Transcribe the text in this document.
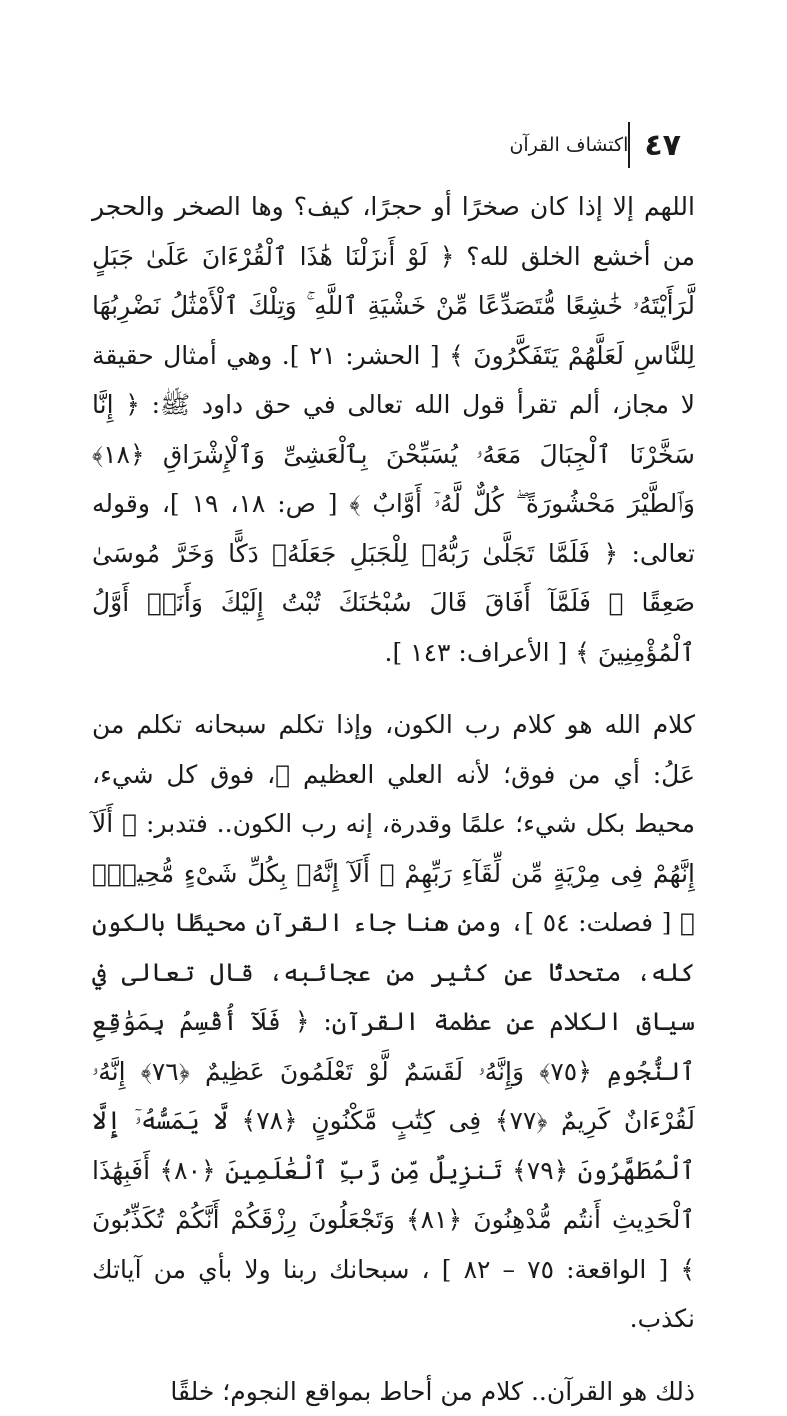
اكتشاف القرآن ٤٧

اللهم إلا إذا كان صخرًا أو حجرًا، كيف؟ وها الصخر والحجر من أخشع الخلق لله؟ ﴿ لَوْ أَنزَلْنَا هَٰذَا ٱلْقُرْءَانَ عَلَىٰ جَبَلٍ لَّرَأَيْتَهُۥ خَٰشِعًا مُّتَصَدِّعًا مِّنْ خَشْيَةِ ٱللَّهِ ۚ وَتِلْكَ ٱلْأَمْثَٰلُ نَضْرِبُهَا لِلنَّاسِ لَعَلَّهُمْ يَتَفَكَّرُونَ ﴾ [ الحشر: ٢١ ]. وهي أمثال حقيقة لا مجاز، ألم تقرأ قول الله تعالى في حق داود ﷺ: ﴿ إِنَّا سَخَّرْنَا ٱلْجِبَالَ مَعَهُۥ يُسَبِّحْنَ بِٱلْعَشِىِّ وَٱلْإِشْرَاقِ ﴿١٨﴾ وَٱلطَّيْرَ مَحْشُورَةً ۖ كُلٌّ لَّهُۥٓ أَوَّابٌ ﴾ [ ص: ١٨، ١٩ ]، وقوله تعالى: ﴿ فَلَمَّا تَجَلَّىٰ رَبُّهُۥ لِلْجَبَلِ جَعَلَهُۥ دَكًّا وَخَرَّ مُوسَىٰ صَعِقًا ۚ فَلَمَّآ أَفَاقَ قَالَ سُبْحَٰنَكَ تُبْتُ إِلَيْكَ وَأَنَا۠ أَوَّلُ ٱلْمُؤْمِنِينَ ﴾ [ الأعراف: ١٤٣ ].

كلام الله هو كلام رب الكون، وإذا تكلم سبحانه تكلم من عَلُ: أي من فوق؛ لأنه العلي العظيم ﷻ، فوق كل شيء، محيط بكل شيء؛ علمًا وقدرة، إنه رب الكون.. فتدبر: ﴿ أَلَآ إِنَّهُمْ فِى مِرْيَةٍ مِّن لِّقَآءِ رَبِّهِمْ ۗ أَلَآ إِنَّهُۥ بِكُلِّ شَىْءٍ مُّحِيطٌۢ ﴾ [ فصلت: ٥٤ ]، ومن هنا جاء القرآن محيطًا بالكون كله، متحدثًا عن كثير من عجائبه، قال تعالى في سياق الكلام عن عظمة القرآن: ﴿ فَلَآ أُقْسِمُ بِمَوَٰقِعِ ٱلنُّجُومِ ﴿٧٥﴾ وَإِنَّهُۥ لَقَسَمٌ لَّوْ تَعْلَمُونَ عَظِيمٌ ﴿٧٦﴾ إِنَّهُۥ لَقُرْءَانٌ كَرِيمٌ ﴿٧٧﴾ فِى كِتَٰبٍ مَّكْنُونٍ ﴿٧٨﴾ لَّا يَمَسُّهُۥٓ إِلَّا ٱلْمُطَهَّرُونَ ﴿٧٩﴾ تَنزِيلٌ مِّن رَّبِّ ٱلْعَٰلَمِينَ ﴿٨٠﴾ أَفَبِهَٰذَا ٱلْحَدِيثِ أَنتُم مُّدْهِنُونَ ﴿٨١﴾ وَتَجْعَلُونَ رِزْقَكُمْ أَنَّكُمْ تُكَذِّبُونَ ﴾ [ الواقعة: ٧٥ – ٨٢ ] ، سبحانك ربنا ولا بأي من آياتك نكذب.

ذلك هو القرآن.. كلام من أحاط بمواقع النجوم؛ خلقًا
